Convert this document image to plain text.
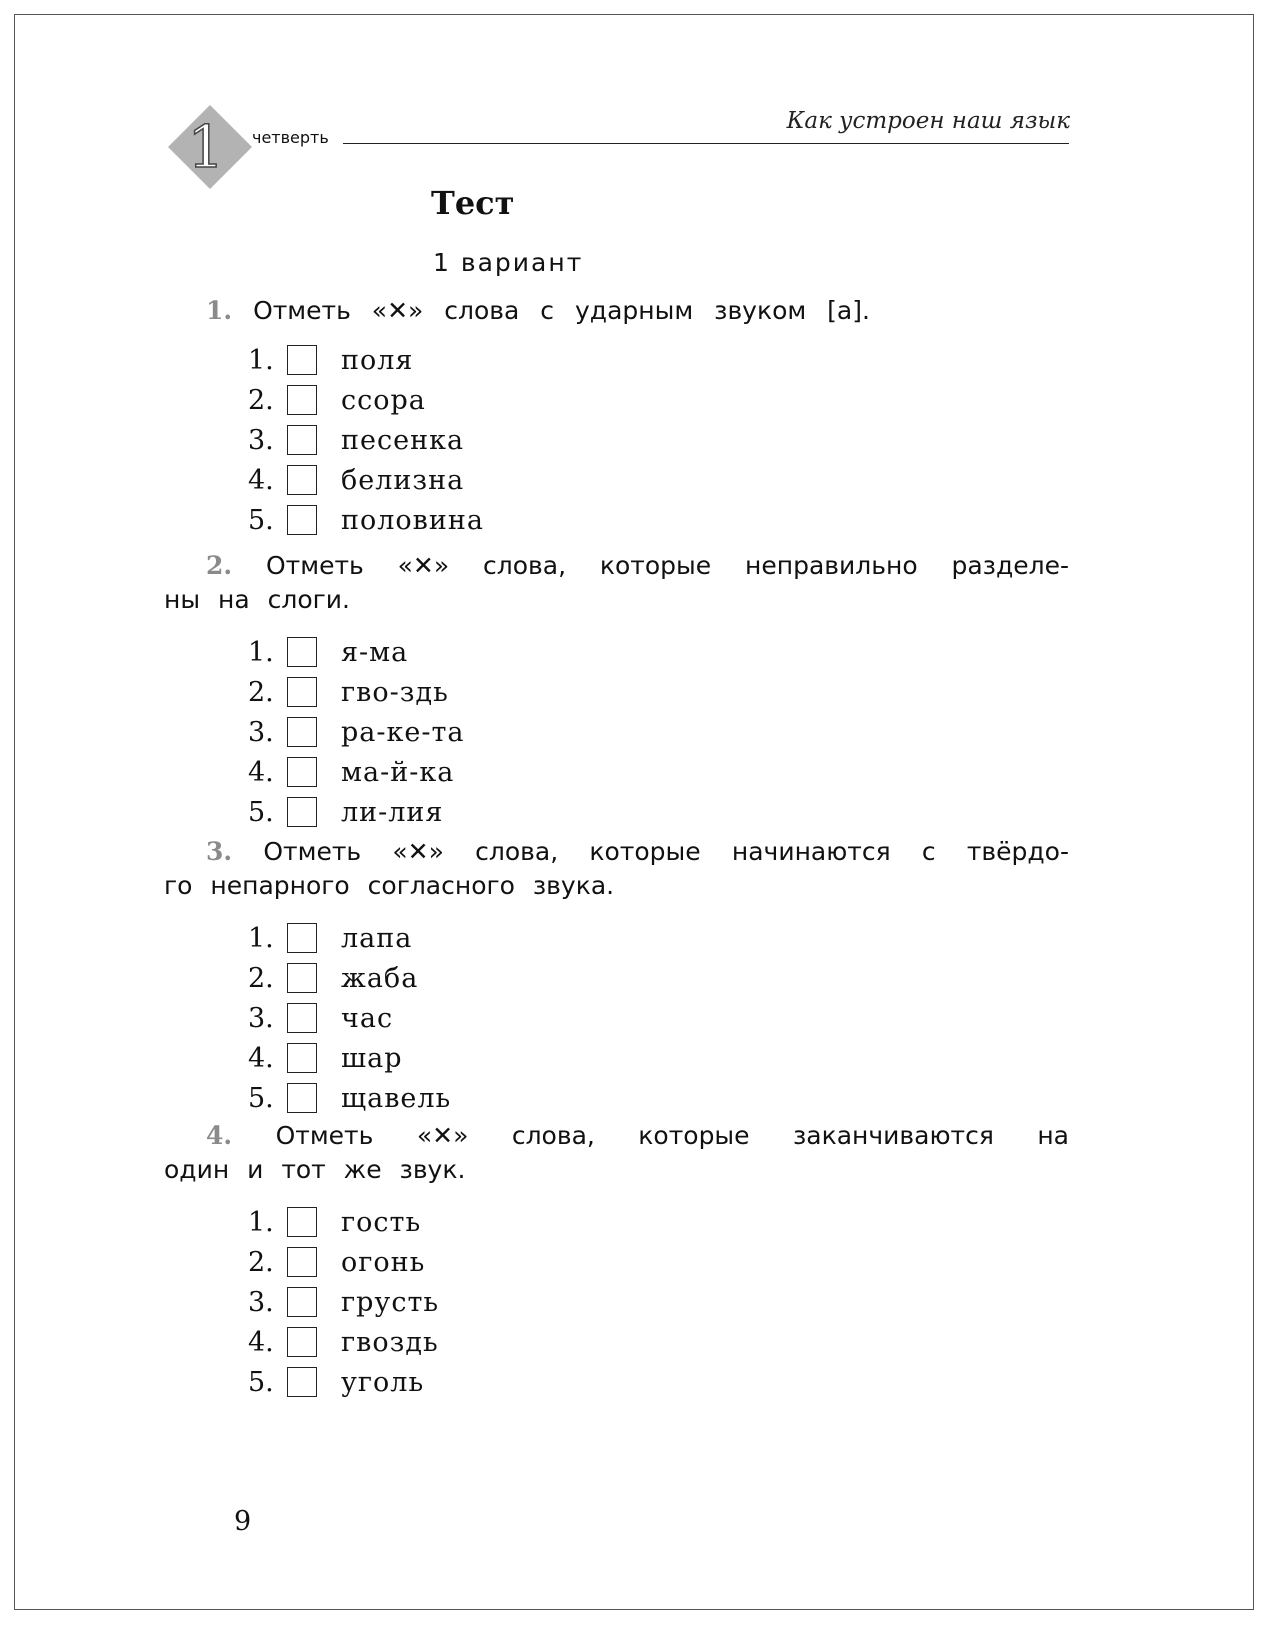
1 четверть
Как устроен наш язык
Тест
1 вариант
1. Отметь «✕» слова с ударным звуком [а].
1.	поля
2.	ссора
3.	песенка
4.	белизна
5.	половина
2. Отметь «✕» слова, которые неправильно разделе-
ны на слоги.
1.	я-ма
2.	гво-здь
3.	ра-ке-та
4.	ма-й-ка
5.	ли-лия
3. Отметь «✕» слова, которые начинаются с твёрдо-
го непарного согласного звука.
1.	лапа
2.	жаба
3.	час
4.	шар
5.	щавель
4. Отметь «✕» слова, которые заканчиваются на
один и тот же звук.
1.	гость
2.	огонь
3.	грусть
4.	гвоздь
5.	уголь
9
